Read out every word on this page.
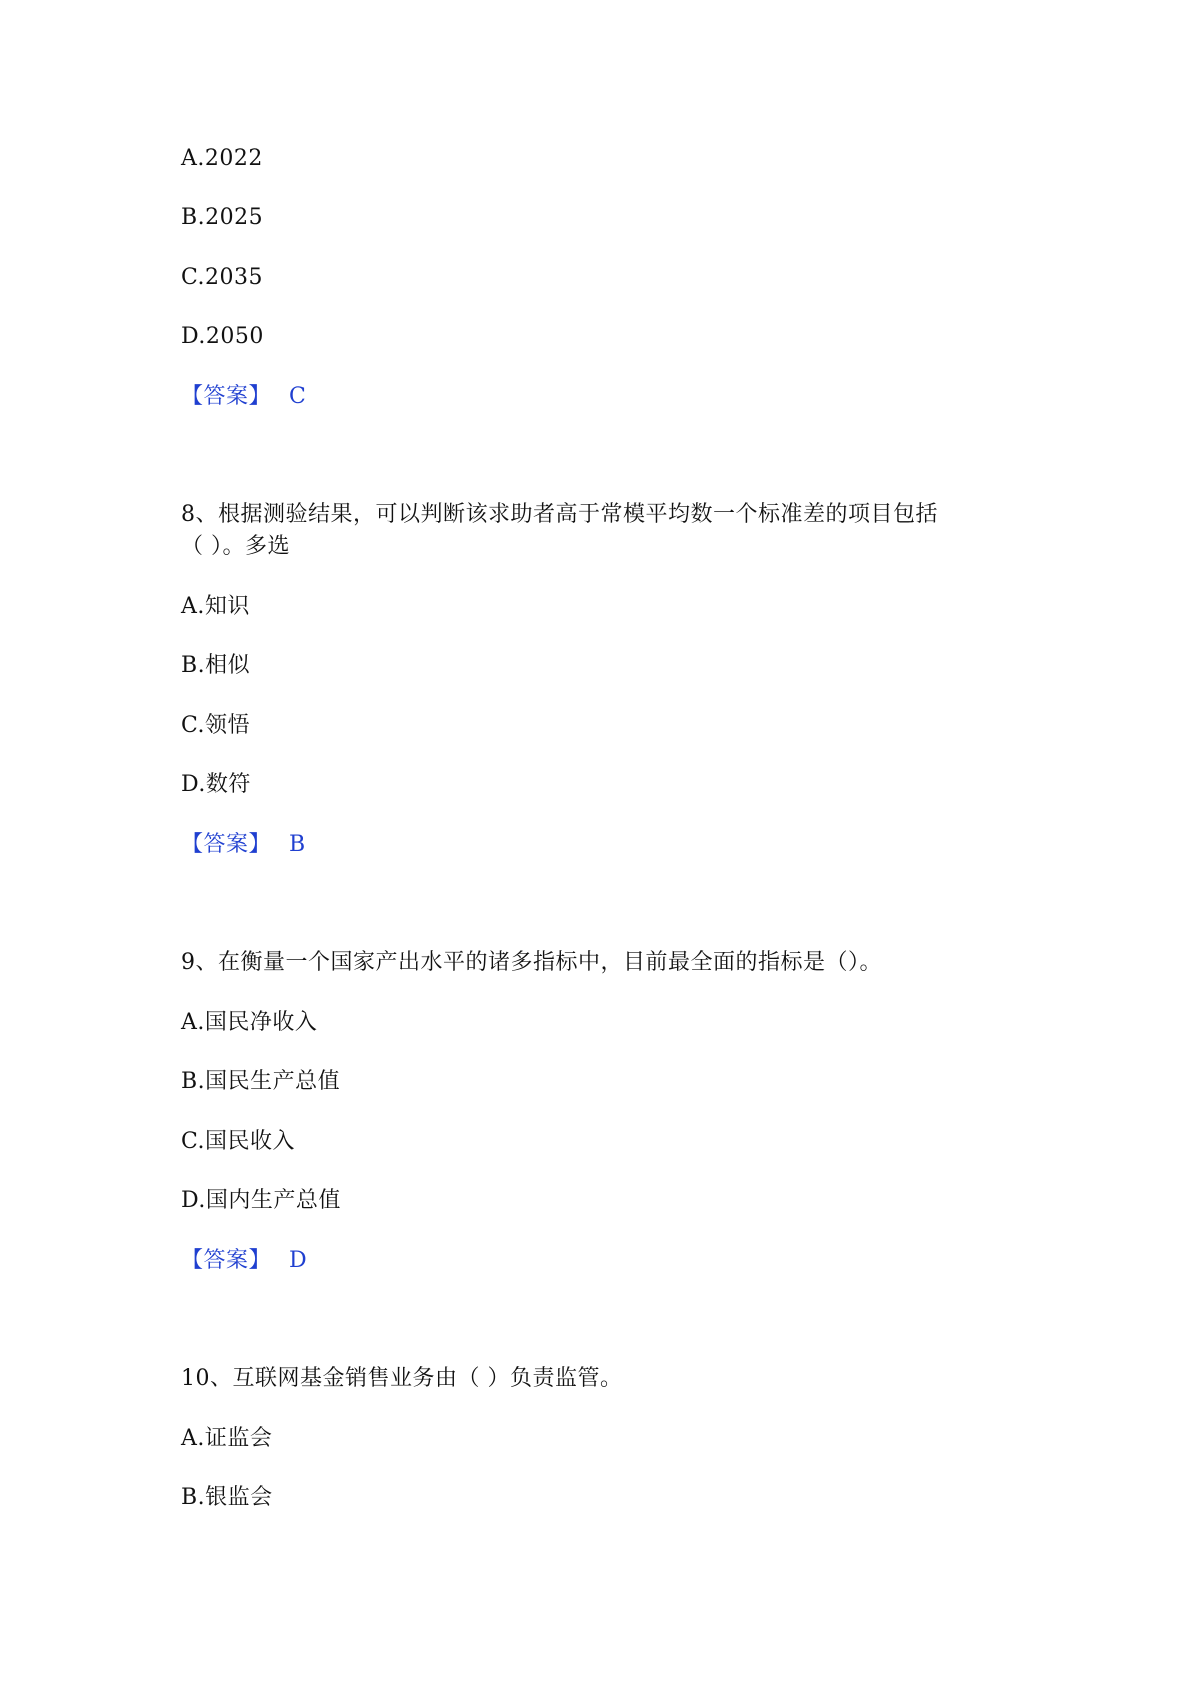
A.2022
B.2025
C.2035
D.2050
【答案】 C
8、根据测验结果，可以判断该求助者高于常模平均数一个标准差的项目包括
（ ）。多选
A.知识
B.相似
C.领悟
D.数符
【答案】 B
9、在衡量一个国家产出水平的诸多指标中，目前最全面的指标是（）。
A.国民净收入
B.国民生产总值
C.国民收入
D.国内生产总值
【答案】 D
10、互联网基金销售业务由（ ）负责监管。
A.证监会
B.银监会
